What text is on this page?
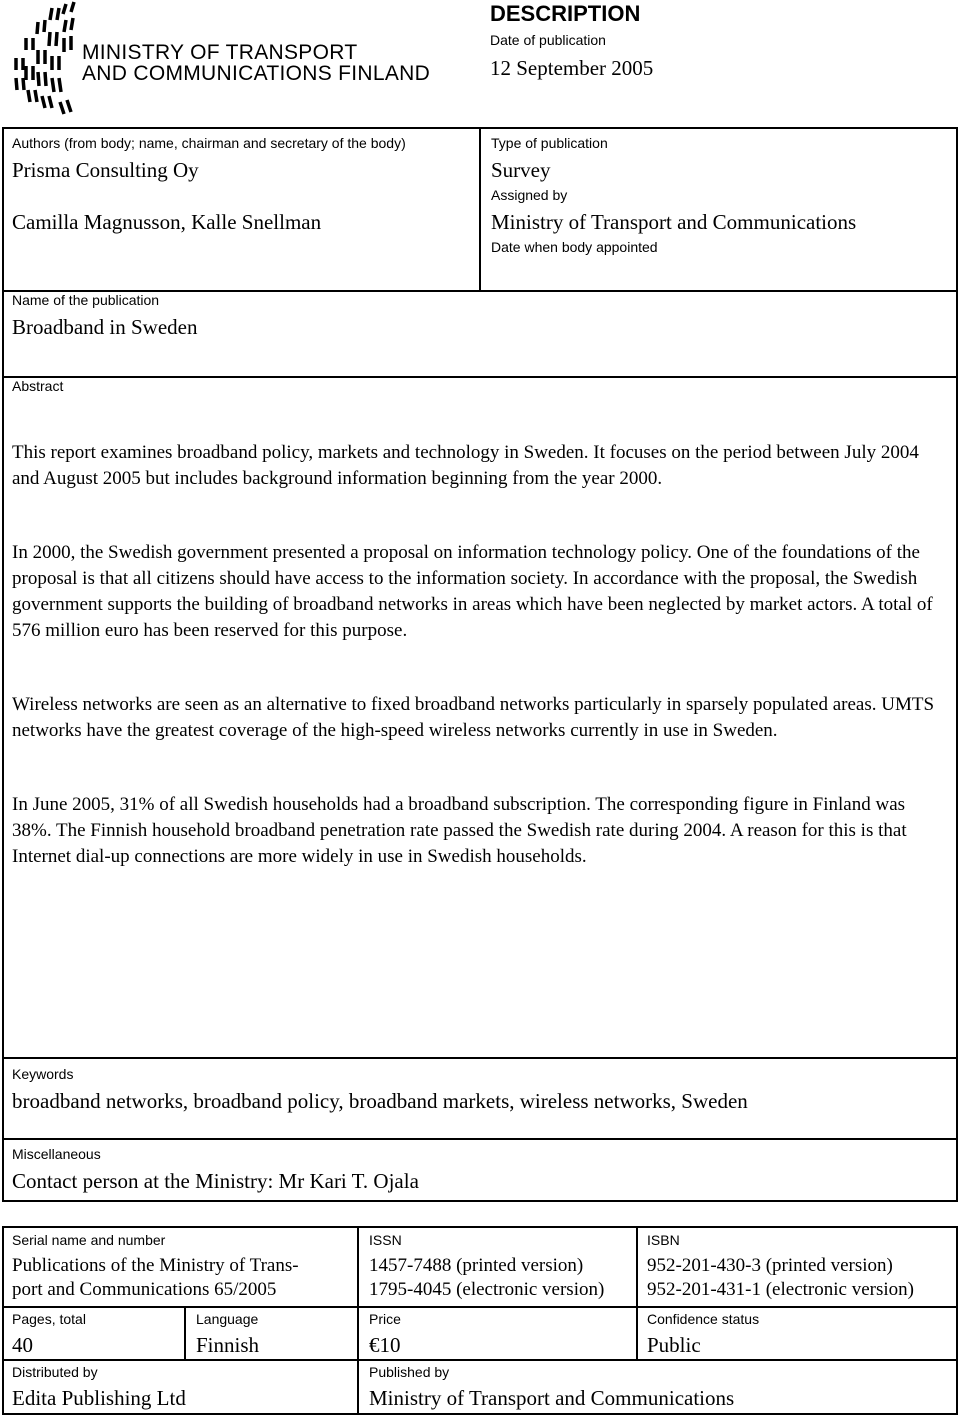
MINISTRY OF TRANSPORT
AND COMMUNICATIONS FINLAND
DESCRIPTION
Date of publication
12 September 2005
Authors (from body; name, chairman and secretary of the body)
Prisma Consulting Oy
Camilla Magnusson, Kalle Snellman
Type of publication
Survey
Assigned by
Ministry of Transport and Communications
Date when body appointed
Name of the publication
Broadband in Sweden
Abstract

This report examines broadband policy, markets and technology in Sweden. It focuses on the period between July 2004 and August 2005 but includes background information beginning from the year 2000.

In 2000, the Swedish government presented a proposal on information technology policy. One of the foundations of the proposal is that all citizens should have access to the information society. In accordance with the proposal, the Swedish government supports the building of broadband networks in areas which have been neglected by market actors. A total of 576 million euro has been reserved for this purpose.

Wireless networks are seen as an alternative to fixed broadband networks particularly in sparsely populated areas. UMTS networks have the greatest coverage of the high-speed wireless networks currently in use in Sweden.

In June 2005, 31% of all Swedish households had a broadband subscription. The corresponding figure in Finland was 38%. The Finnish household broadband penetration rate passed the Swedish rate during 2004. A reason for this is that Internet dial-up connections are more widely in use in Swedish households.

Keywords
broadband networks, broadband policy, broadband markets, wireless networks, Sweden
Miscellaneous
Contact person at the Ministry: Mr Kari T. Ojala
Serial name and number
Publications of the Ministry of Trans-
port and Communications 65/2005
ISSN
1457-7488 (printed version)
1795-4045 (electronic version)
ISBN
952-201-430-3 (printed version)
952-201-431-1 (electronic version)
Pages, total
40
Language
Finnish
Price
€10
Confidence status
Public
Distributed by
Edita Publishing Ltd
Published by
Ministry of Transport and Communications
